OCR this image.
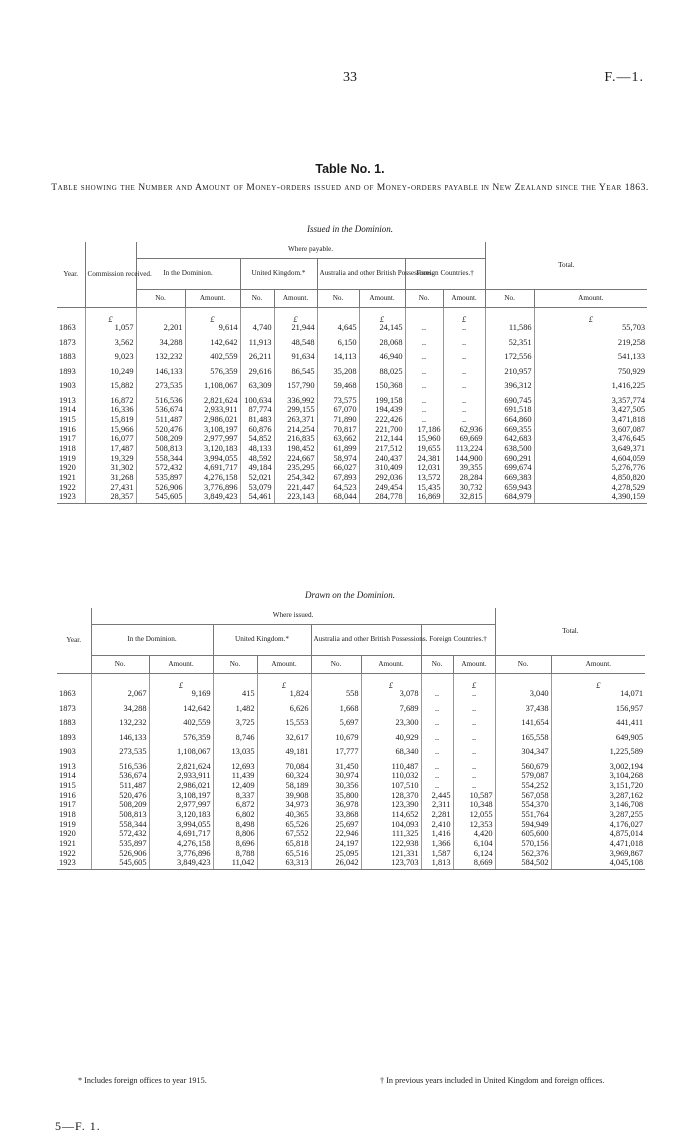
33	F.—1.
Table No. 1.
Table showing the Number and Amount of Money-orders issued and of Money-orders payable in New Zealand since the Year 1863.
Issued in the Dominion.
Year.	Commission received.	Where payable.								Total.	
		In the Dominion.		United Kingdom.*		Australia and other British Possessions.		Foreign Countries.†			
		No.	Amount.	No.	Amount.	No.	Amount.	No.	Amount.	No.	Amount.
	£		£		£		£		£		£
1863	1,057	2,201	9,614	4,740	21,944	4,645	24,145	..	..	11,586	55,703
1873	3,562	34,288	142,642	11,913	48,548	6,150	28,068	..	..	52,351	219,258
1883	9,023	132,232	402,559	26,211	91,634	14,113	46,940	..	..	172,556	541,133
1893	10,249	146,133	576,359	29,616	86,545	35,208	88,025	..	..	210,957	750,929
1903	15,882	273,535	1,108,067	63,309	157,790	59,468	150,368	..	..	396,312	1,416,225
1913	16,872	516,536	2,821,624	100,634	336,992	73,575	199,158	..	..	690,745	3,357,774
1914	16,336	536,674	2,933,911	87,774	299,155	67,070	194,439	..	..	691,518	3,427,505
1915	15,819	511,487	2,986,021	81,483	263,371	71,890	222,426	..	..	664,860	3,471,818
1916	15,966	520,476	3,108,197	60,876	214,254	70,817	221,700	17,186	62,936	669,355	3,607,087
1917	16,077	508,209	2,977,997	54,852	216,835	63,662	212,144	15,960	69,669	642,683	3,476,645
1918	17,487	508,813	3,120,183	48,133	198,452	61,899	217,512	19,655	113,224	638,500	3,649,371
1919	19,329	558,344	3,994,055	48,592	224,667	58,974	240,437	24,381	144,900	690,291	4,604,059
1920	31,302	572,432	4,691,717	49,184	235,295	66,027	310,409	12,031	39,355	699,674	5,276,776
1921	31,268	535,897	4,276,158	52,021	254,342	67,893	292,036	13,572	28,284	669,383	4,850,820
1922	27,431	526,906	3,776,896	53,079	221,447	64,523	249,454	15,435	30,732	659,943	4,278,529
1923	28,357	545,605	3,849,423	54,461	223,143	68,044	284,778	16,869	32,815	684,979	4,390,159
Drawn on the Dominion.
Year.	Where issued.								Total.	
	In the Dominion.		United Kingdom.*		Australia and other British Possessions.		Foreign Countries.†			
	No.	Amount.	No.	Amount.	No.	Amount.	No.	Amount.	No.	Amount.
		£		£		£		£		£
1863	2,067	9,169	415	1,824	558	3,078	..	..	3,040	14,071
1873	34,288	142,642	1,482	6,626	1,668	7,689	..	..	37,438	156,957
1883	132,232	402,559	3,725	15,553	5,697	23,300	..	..	141,654	441,411
1893	146,133	576,359	8,746	32,617	10,679	40,929	..	..	165,558	649,905
1903	273,535	1,108,067	13,035	49,181	17,777	68,340	..	..	304,347	1,225,589
1913	516,536	2,821,624	12,693	70,084	31,450	110,487	..	..	560,679	3,002,194
1914	536,674	2,933,911	11,439	60,324	30,974	110,032	..	..	579,087	3,104,268
1915	511,487	2,986,021	12,409	58,189	30,356	107,510	..	..	554,252	3,151,720
1916	520,476	3,108,197	8,337	39,908	35,800	128,370	2,445	10,587	567,058	3,287,162
1917	508,209	2,977,997	6,872	34,973	36,978	123,390	2,311	10,348	554,370	3,146,708
1918	508,813	3,120,183	6,802	40,365	33,868	114,652	2,281	12,055	551,764	3,287,255
1919	558,344	3,994,055	8,498	65,526	25,697	104,093	2,410	12,353	594,949	4,176,027
1920	572,432	4,691,717	8,806	67,552	22,946	111,325	1,416	4,420	605,600	4,875,014
1921	535,897	4,276,158	8,696	65,818	24,197	122,938	1,366	6,104	570,156	4,471,018
1922	526,906	3,776,896	8,788	65,516	25,095	121,331	1,587	6,124	562,376	3,969,867
1923	545,605	3,849,423	11,042	63,313	26,042	123,703	1,813	8,669	584,502	4,045,108
* Includes foreign offices to year 1915.	† In previous years included in United Kingdom and foreign offices.
5—F. 1.
